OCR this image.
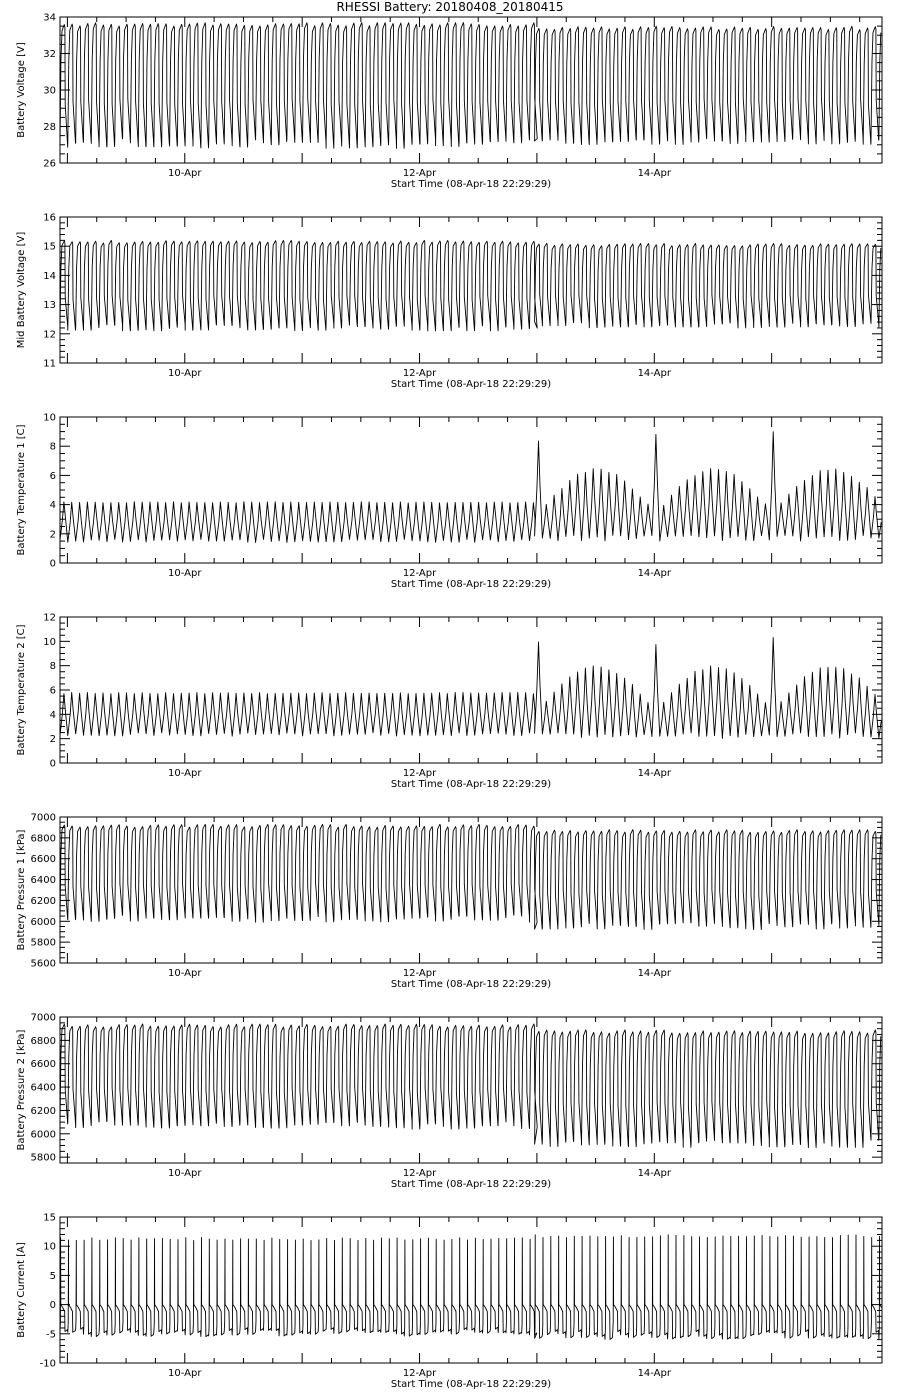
RHESSI Battery: 20180408_20180415
26
28
30
32
34
10-Apr	12-Apr	14-Apr
Start Time (08-Apr-18 22:29:29)
Battery Voltage [V]
11
12
13
14
15
16
10-Apr	12-Apr	14-Apr
Start Time (08-Apr-18 22:29:29)
Mid Battery Voltage [V]
0
2
4
6
8
10
10-Apr	12-Apr	14-Apr
Start Time (08-Apr-18 22:29:29)
Battery Temperature 1 [C]
0
2
4
6
8
10
12
10-Apr	12-Apr	14-Apr
Start Time (08-Apr-18 22:29:29)
Battery Temperature 2 [C]
5600
5800
6000
6200
6400
6600
6800
7000
10-Apr	12-Apr	14-Apr
Start Time (08-Apr-18 22:29:29)
Battery Pressure 1 [kPa]
5800
6000
6200
6400
6600
6800
7000
10-Apr	12-Apr	14-Apr
Start Time (08-Apr-18 22:29:29)
Battery Pressure 2 [kPa]
-10
-5
0
5
10
15
10-Apr	12-Apr	14-Apr
Start Time (08-Apr-18 22:29:29)
Battery Current [A]
